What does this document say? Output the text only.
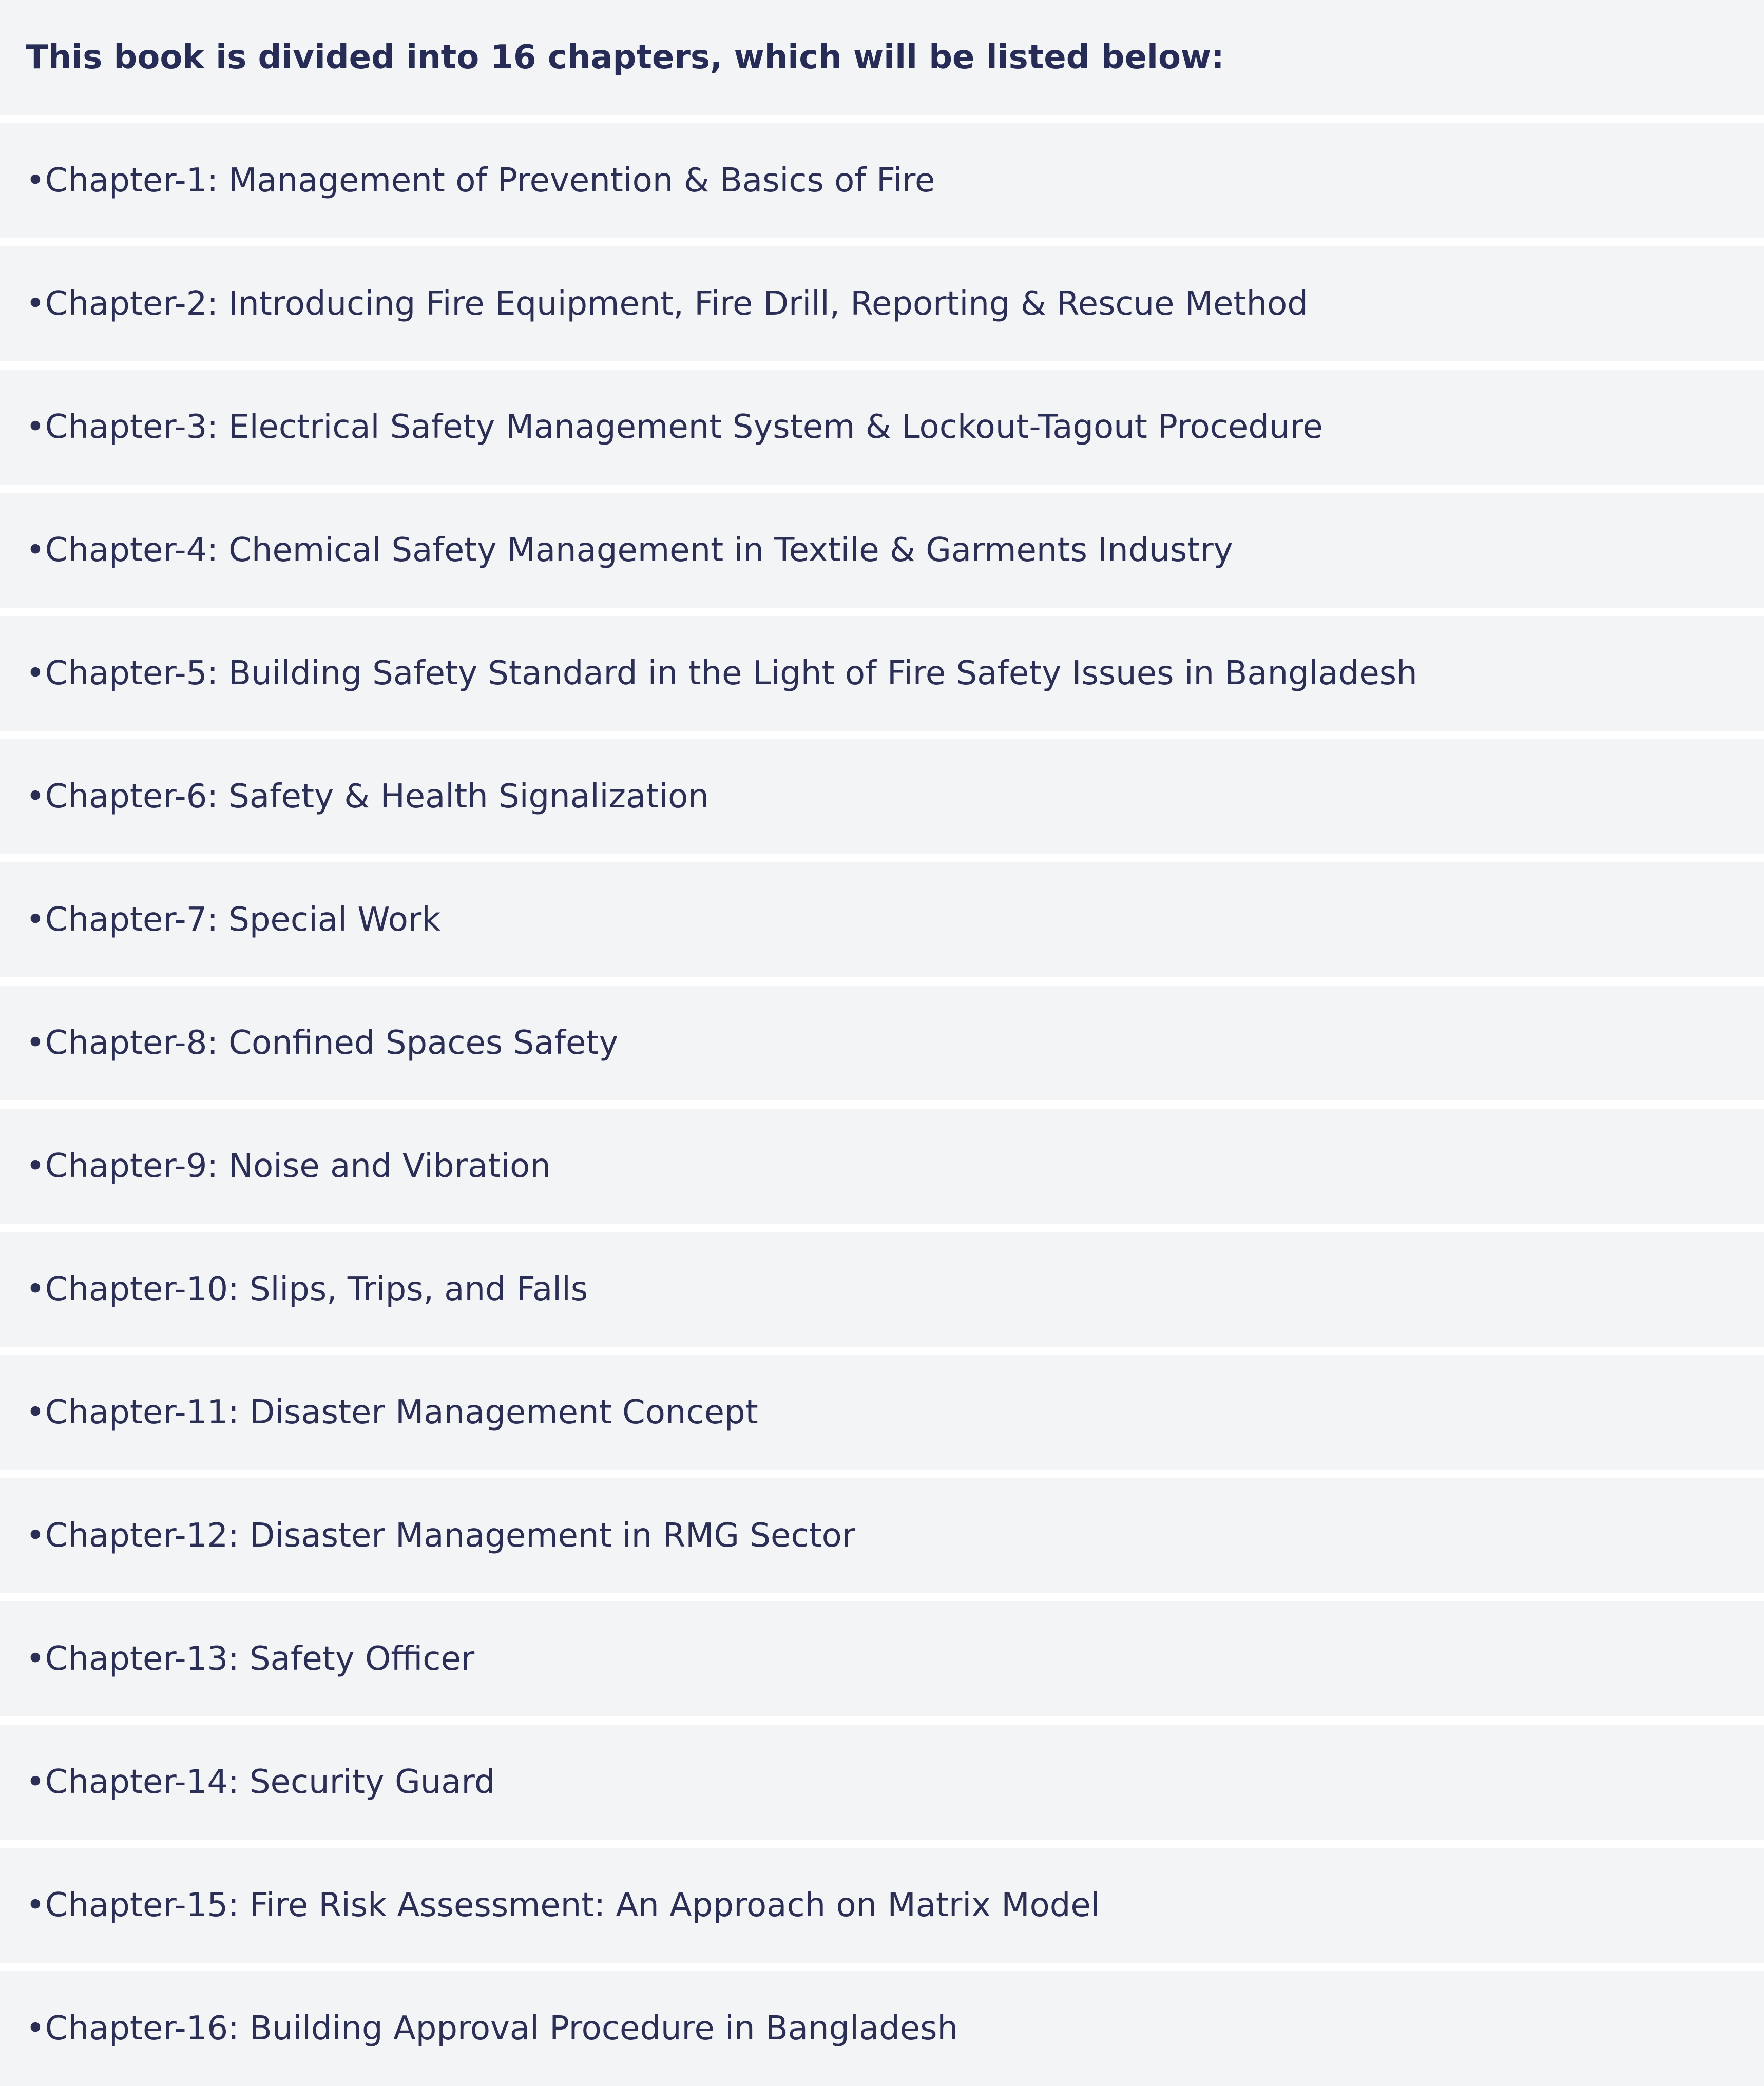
This book is divided into 16 chapters, which will be listed below:
•Chapter-1: Management of Prevention & Basics of Fire
•Chapter-2: Introducing Fire Equipment, Fire Drill, Reporting & Rescue Method
•Chapter-3: Electrical Safety Management System & Lockout-Tagout Procedure
•Chapter-4: Chemical Safety Management in Textile & Garments Industry
•Chapter-5: Building Safety Standard in the Light of Fire Safety Issues in Bangladesh
•Chapter-6: Safety & Health Signalization
•Chapter-7: Special Work
•Chapter-8: Confined Spaces Safety
•Chapter-9: Noise and Vibration
•Chapter-10: Slips, Trips, and Falls
•Chapter-11: Disaster Management Concept
•Chapter-12: Disaster Management in RMG Sector
•Chapter-13: Safety Officer
•Chapter-14: Security Guard
•Chapter-15: Fire Risk Assessment: An Approach on Matrix Model
•Chapter-16: Building Approval Procedure in Bangladesh
